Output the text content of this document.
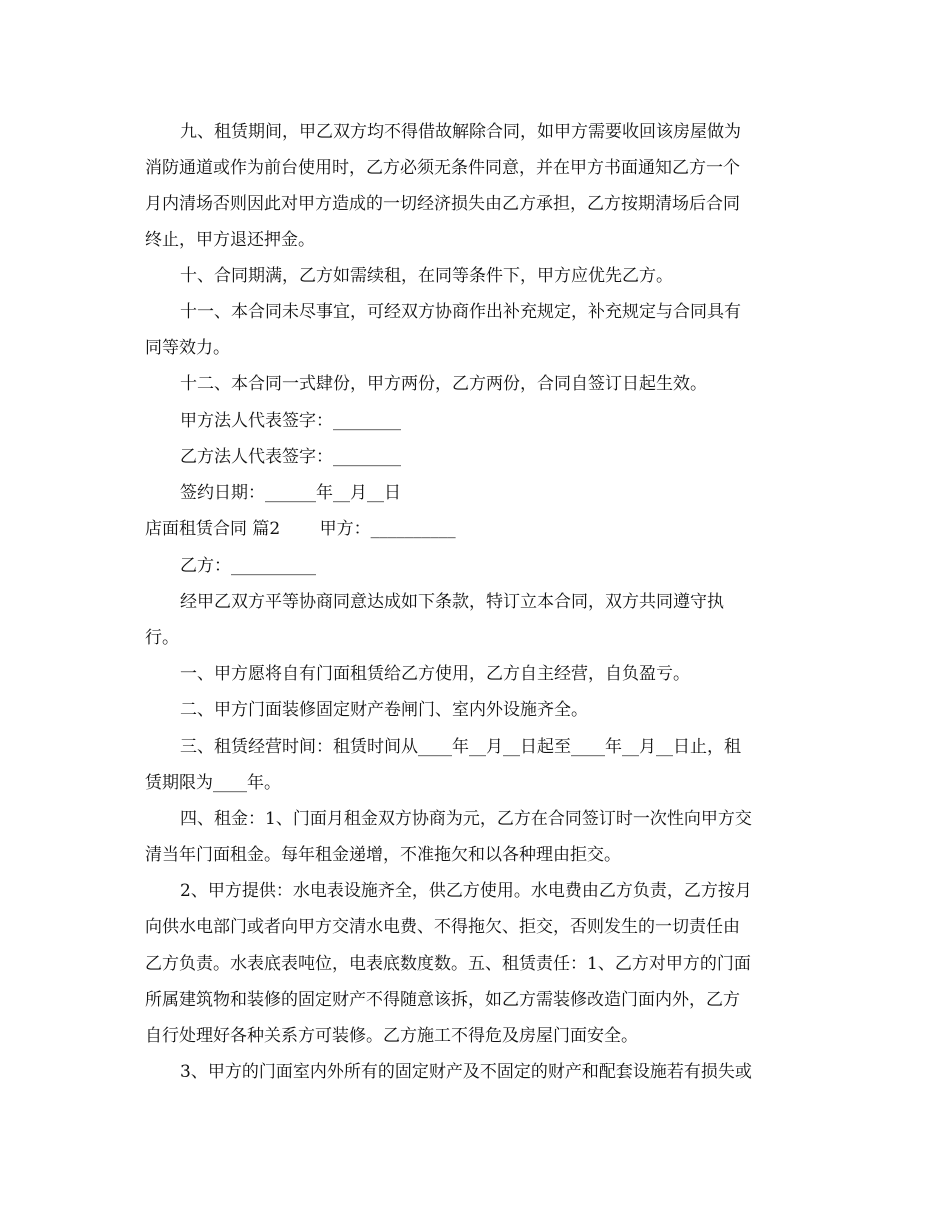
九、租赁期间，甲乙双方均不得借故解除合同，如甲方需要收回该房屋做为
消防通道或作为前台使用时，乙方必须无条件同意，并在甲方书面通知乙方一个
月内清场否则因此对甲方造成的一切经济损失由乙方承担，乙方按期清场后合同
终止，甲方退还押金。
十、合同期满，乙方如需续租，在同等条件下，甲方应优先乙方。
十一、本合同未尽事宜，可经双方协商作出补充规定，补充规定与合同具有
同等效力。
十二、本合同一式肆份，甲方两份，乙方两份，合同自签订日起生效。
甲方法人代表签字：________
乙方法人代表签字：________
签约日期：______年__月__日
店面租赁合同 篇2　　 甲方：__________
乙方：__________
经甲乙双方平等协商同意达成如下条款，特订立本合同，双方共同遵守执
行。
一、甲方愿将自有门面租赁给乙方使用，乙方自主经营，自负盈亏。
二、甲方门面装修固定财产卷闸门、室内外设施齐全。
三、租赁经营时间：租赁时间从____年__月__日起至____年__月__日止，租
赁期限为____年。
四、租金：1、门面月租金双方协商为元，乙方在合同签订时一次性向甲方交
清当年门面租金。每年租金递增，不准拖欠和以各种理由拒交。
2、甲方提供：水电表设施齐全，供乙方使用。水电费由乙方负责，乙方按月
向供水电部门或者向甲方交清水电费、不得拖欠、拒交，否则发生的一切责任由
乙方负责。水表底表吨位，电表底数度数。五、租赁责任：1、乙方对甲方的门面
所属建筑物和装修的固定财产不得随意该拆，如乙方需装修改造门面内外，乙方
自行处理好各种关系方可装修。乙方施工不得危及房屋门面安全。
3、甲方的门面室内外所有的固定财产及不固定的财产和配套设施若有损失或
